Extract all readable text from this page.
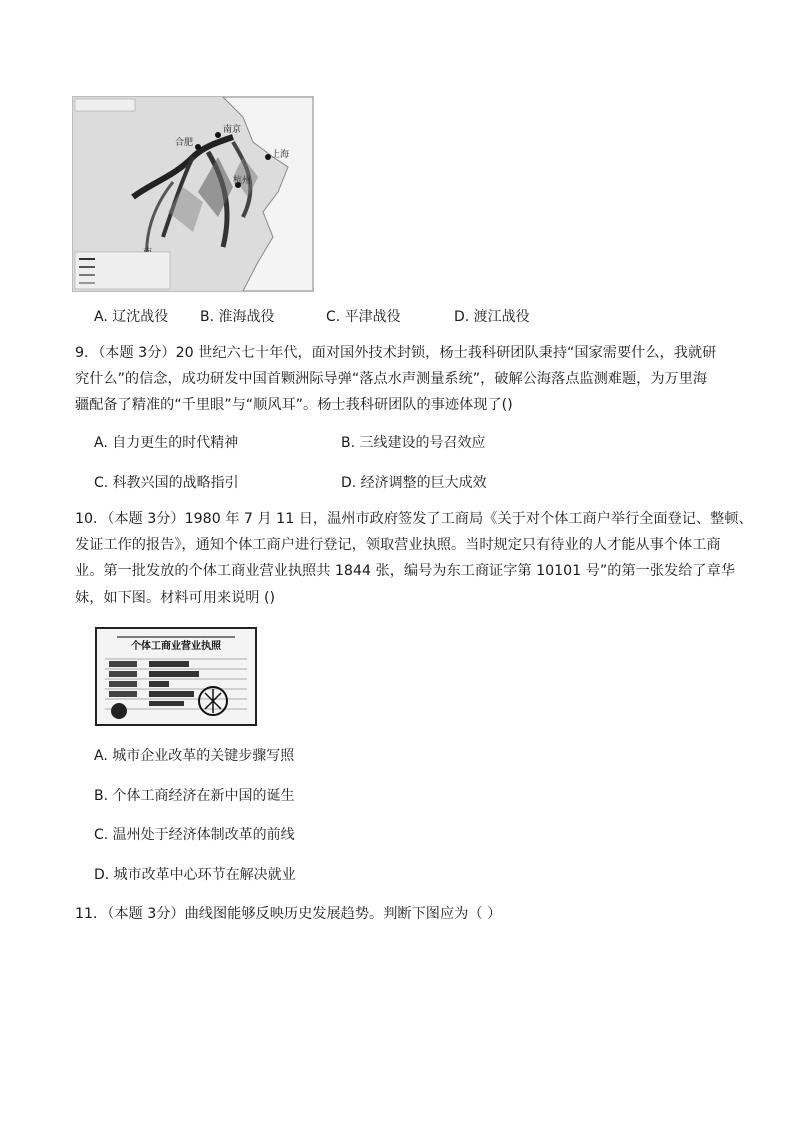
南京
合肥
杭州
上海
A. 辽沈战役 B. 淮海战役	C. 平津战役	D. 渡江战役
9．（本题 3分）20 世纪六七十年代，面对国外技术封锁，杨士莪科研团队秉持“国家需要什么，我就研
究什么”的信念，成功研发中国首颗洲际导弹“落点水声测量系统”，破解公海落点监测难题，为万里海
疆配备了精准的“千里眼”与“顺风耳”。杨士莪科研团队的事迹体现了()
A. 自力更生的时代精神	B. 三线建设的号召效应
C. 科教兴国的战略指引	D. 经济调整的巨大成效
10．（本题 3分）1980 年 7 月 11 日，温州市政府签发了工商局《关于对个体工商户举行全面登记、整顿、
发证工作的报告》，通知个体工商户进行登记，领取营业执照。当时规定只有待业的人才能从事个体工商
业。第一批发放的个体工商业营业执照共 1844 张，编号为东工商证字第 10101 号”的第一张发给了章华
妹，如下图。材料可用来说明 ()
个体工商业营业执照
A. 城市企业改革的关键步骤写照
B. 个体工商经济在新中国的诞生
C. 温州处于经济体制改革的前线
D. 城市改革中心环节在解决就业
11．（本题 3分）曲线图能够反映历史发展趋势。判断下图应为（ ）
